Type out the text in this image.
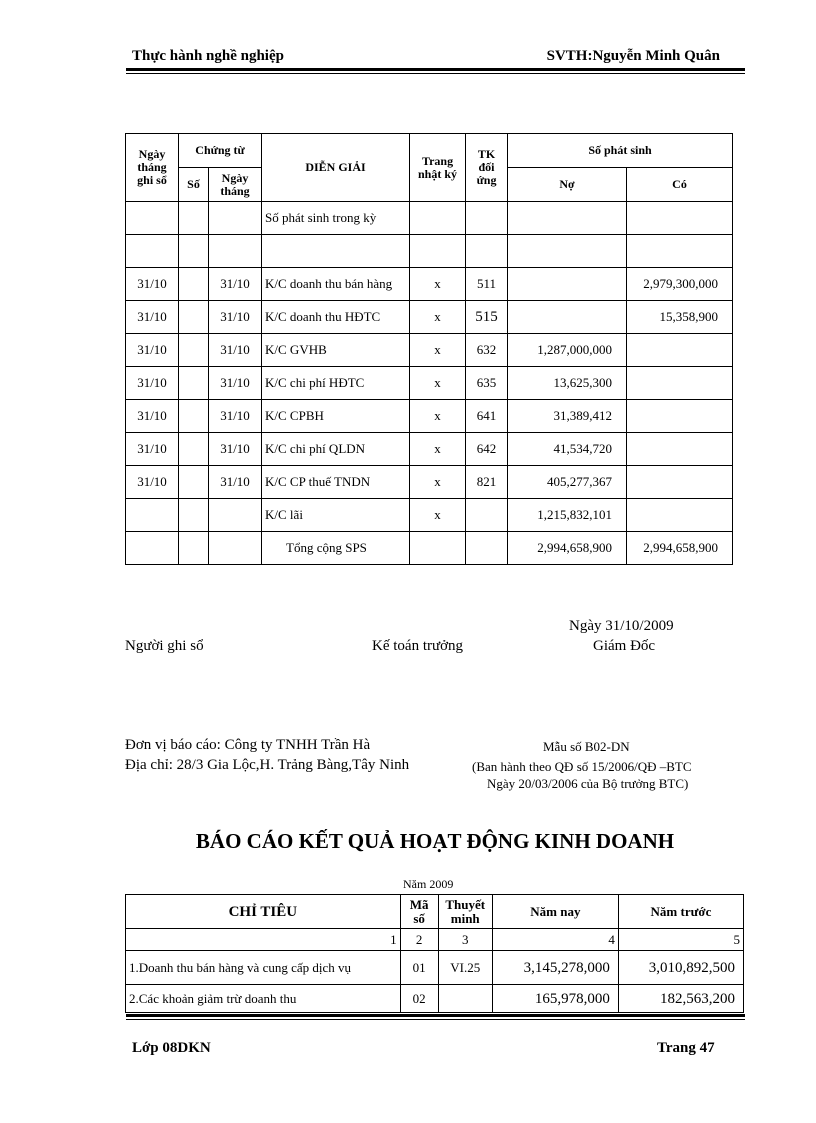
Thực hành nghề nghiệp	SVTH:Nguyễn Minh Quân
Ngày tháng ghi sổ	Chứng từ		DIỄN GIẢI	Trang nhật ký	TK đối ứng	Số phát sinh	
	Số	Ngày tháng				Nợ	Có
			Số phát sinh trong kỳ				

31/10		31/10	K/C doanh thu bán hàng	x	511		2,979,300,000
31/10		31/10	K/C doanh thu HĐTC	x	515		15,358,900
31/10		31/10	K/C GVHB	x	632	1,287,000,000	
31/10		31/10	K/C chi phí HĐTC	x	635	13,625,300	
31/10		31/10	K/C CPBH	x	641	31,389,412	
31/10		31/10	K/C chi phí QLDN	x	642	41,534,720	
31/10		31/10	K/C CP thuế TNDN	x	821	405,277,367	
			K/C lãi	x		1,215,832,101	
			Tổng cộng SPS			2,994,658,900	2,994,658,900
Ngày 31/10/2009
Người ghi sổ	Kế toán trưởng	Giám Đốc
Đơn vị báo cáo: Công ty TNHH Trần Hà
Địa chỉ: 28/3 Gia Lộc,H. Trảng Bàng,Tây Ninh
Mẫu số B02-DN
(Ban hành theo QĐ số 15/2006/QĐ –BTC
Ngày 20/03/2006 của Bộ trưởng BTC)
BÁO CÁO KẾT QUẢ HOẠT ĐỘNG KINH DOANH
Năm 2009
CHỈ TIÊU	Mã số	Thuyết minh	Năm nay	Năm trước
1	2	3	4	5
1.Doanh thu bán hàng và cung cấp dịch vụ	01	VI.25	3,145,278,000	3,010,892,500
2.Các khoản giảm trừ doanh thu	02		165,978,000	182,563,200
Lớp 08DKN	Trang 47
